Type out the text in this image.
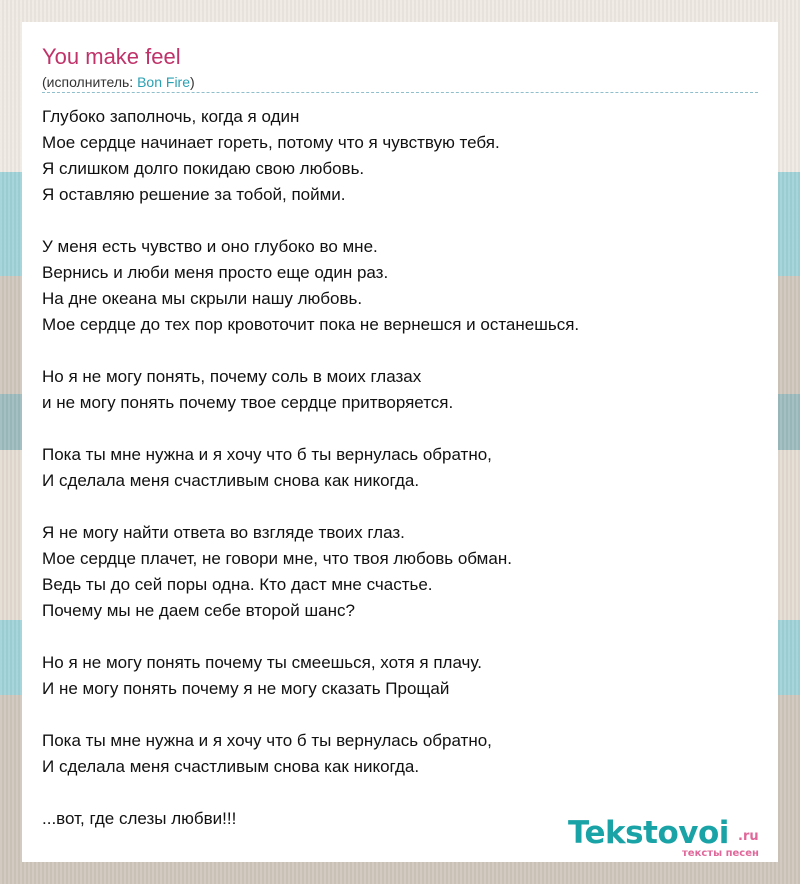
You make feel
(исполнитель: Bon Fire)
Глубоко заполночь, когда я один
Мое сердце начинает гореть, потому что я чувствую тебя.
Я слишком долго покидаю свою любовь.
Я оставляю решение за тобой, пойми.
У меня есть чувство и оно глубоко во мне.
Вернись и люби меня просто еще один раз.
На дне океана мы скрыли нашу любовь.
Мое сердце до тех пор кровоточит пока не вернешся и останешься.
Но я не могу понять, почему соль в моих глазах
и не могу понять почему твое сердце притворяется.
Пока ты мне нужна и я хочу что б ты вернулась обратно,
И сделала меня счастливым снова как никогда.
Я не могу найти ответа во взгляде твоих глаз.
Мое сердце плачет, не говори мне, что твоя любовь обман.
Ведь ты до сей поры одна. Кто даст мне счастье.
Почему мы не даем себе второй шанс?
Но я не могу понять почему ты смеешься, хотя я плачу.
И не могу понять почему я не могу сказать Прощай
Пока ты мне нужна и я хочу что б ты вернулась обратно,
И сделала меня счастливым снова как никогда.
...вот, где слезы любви!!!	Tekstovoi .ru
тексты песен
